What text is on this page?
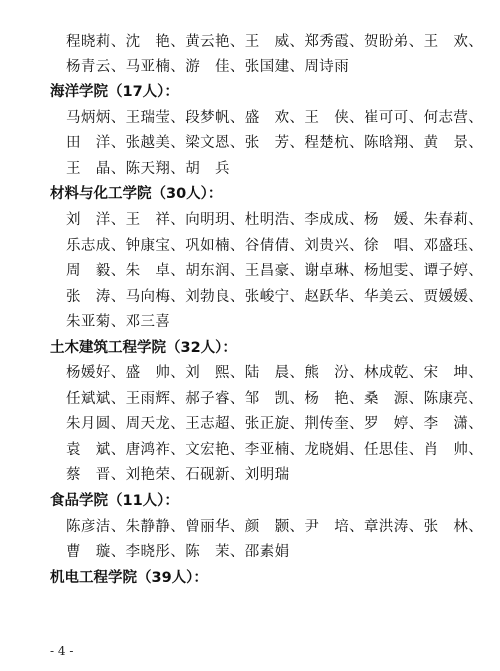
程晓莉、沈　艳、黄云艳、王　威、郑秀霞、贺盼弟、王　欢、
杨青云、马亚楠、游　佳、张国建、周诗雨
海洋学院（17人）：
马炳炳、王瑞莹、段梦帆、盛　欢、王　侠、崔可可、何志营、
田　洋、张越美、梁文恩、张　芳、程楚杭、陈晗翔、黄　景、
王　晶、陈天翔、胡　兵
材料与化工学院（30人）：
刘　洋、王　祥、向明玥、杜明浩、李成成、杨　媛、朱春莉、
乐志成、钟康宝、巩如楠、谷倩倩、刘贵兴、徐　唱、邓盛珏、
周　毅、朱　卓、胡东润、王昌豪、谢卓琳、杨旭雯、谭子婷、
张　涛、马向梅、刘勃良、张峻宁、赵跃华、华美云、贾媛媛、
朱亚菊、邓三喜
土木建筑工程学院（32人）：
杨媛好、盛　帅、刘　熙、陆　晨、熊　汾、林成乾、宋　坤、
任斌斌、王雨辉、郝子睿、邹　凯、杨　艳、桑　源、陈康亮、
朱月圆、周天龙、王志超、张正旋、荆传奎、罗　婷、李　潇、
袁　斌、唐鸿祚、文宏艳、李亚楠、龙晓娟、任思佳、肖　帅、
蔡　晋、刘艳荣、石砚新、刘明瑞
食品学院（11人）：
陈彦洁、朱静静、曾丽华、颜　颢、尹　培、章洪涛、张　林、
曹　璇、李晓彤、陈　茉、邵素娟
机电工程学院（39人）：
- 4 -
